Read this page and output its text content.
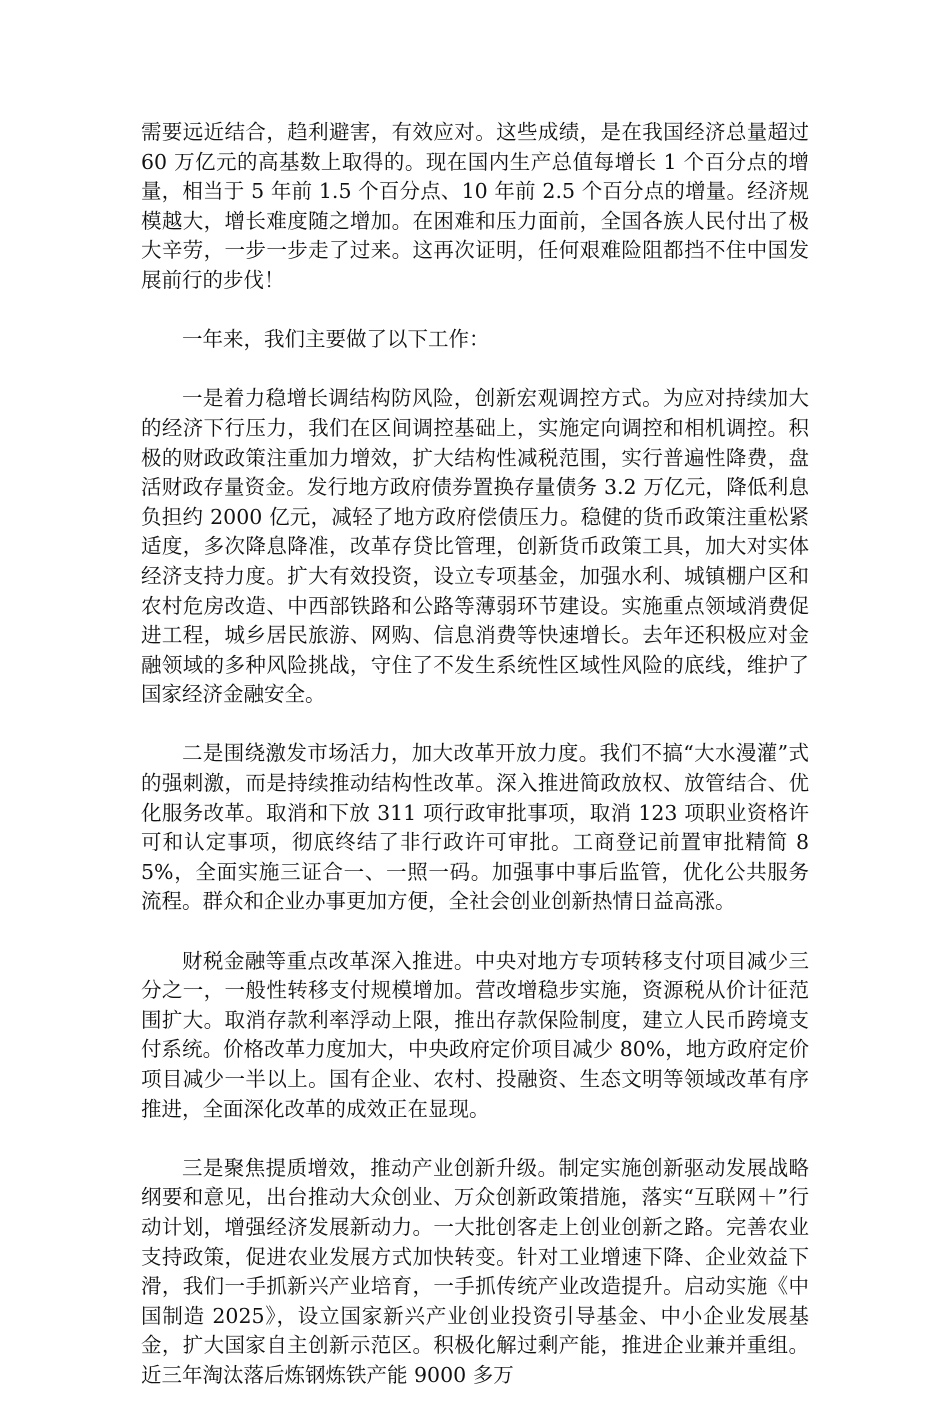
需要远近结合，趋利避害，有效应对。这些成绩，是在我国经济总量超过 60 万亿元的高基数上取得的。现在国内生产总值每增长 1 个百分点的增量，相当于 5 年前 1.5 个百分点、10 年前 2.5 个百分点的增量。经济规模越大，增长难度随之增加。在困难和压力面前，全国各族人民付出了极大辛劳，一步一步走了过来。这再次证明，任何艰难险阻都挡不住中国发展前行的步伐！

一年来，我们主要做了以下工作：

一是着力稳增长调结构防风险，创新宏观调控方式。为应对持续加大的经济下行压力，我们在区间调控基础上，实施定向调控和相机调控。积极的财政政策注重加力增效，扩大结构性减税范围，实行普遍性降费，盘活财政存量资金。发行地方政府债券置换存量债务 3.2 万亿元，降低利息负担约 2000 亿元，减轻了地方政府偿债压力。稳健的货币政策注重松紧适度，多次降息降准，改革存贷比管理，创新货币政策工具，加大对实体经济支持力度。扩大有效投资，设立专项基金，加强水利、城镇棚户区和农村危房改造、中西部铁路和公路等薄弱环节建设。实施重点领域消费促进工程，城乡居民旅游、网购、信息消费等快速增长。去年还积极应对金融领域的多种风险挑战，守住了不发生系统性区域性风险的底线，维护了国家经济金融安全。

二是围绕激发市场活力，加大改革开放力度。我们不搞“大水漫灌”式的强刺激，而是持续推动结构性改革。深入推进简政放权、放管结合、优化服务改革。取消和下放 311 项行政审批事项，取消 123 项职业资格许可和认定事项，彻底终结了非行政许可审批。工商登记前置审批精简 85%，全面实施三证合一、一照一码。加强事中事后监管，优化公共服务流程。群众和企业办事更加方便，全社会创业创新热情日益高涨。

财税金融等重点改革深入推进。中央对地方专项转移支付项目减少三分之一，一般性转移支付规模增加。营改增稳步实施，资源税从价计征范围扩大。取消存款利率浮动上限，推出存款保险制度，建立人民币跨境支付系统。价格改革力度加大，中央政府定价项目减少 80%，地方政府定价项目减少一半以上。国有企业、农村、投融资、生态文明等领域改革有序推进，全面深化改革的成效正在显现。

三是聚焦提质增效，推动产业创新升级。制定实施创新驱动发展战略纲要和意见，出台推动大众创业、万众创新政策措施，落实“互联网＋”行动计划，增强经济发展新动力。一大批创客走上创业创新之路。完善农业支持政策，促进农业发展方式加快转变。针对工业增速下降、企业效益下滑，我们一手抓新兴产业培育，一手抓传统产业改造提升。启动实施《中国制造 2025》，设立国家新兴产业创业投资引导基金、中小企业发展基金，扩大国家自主创新示范区。积极化解过剩产能，推进企业兼并重组。近三年淘汰落后炼钢炼铁产能 9000 多万
